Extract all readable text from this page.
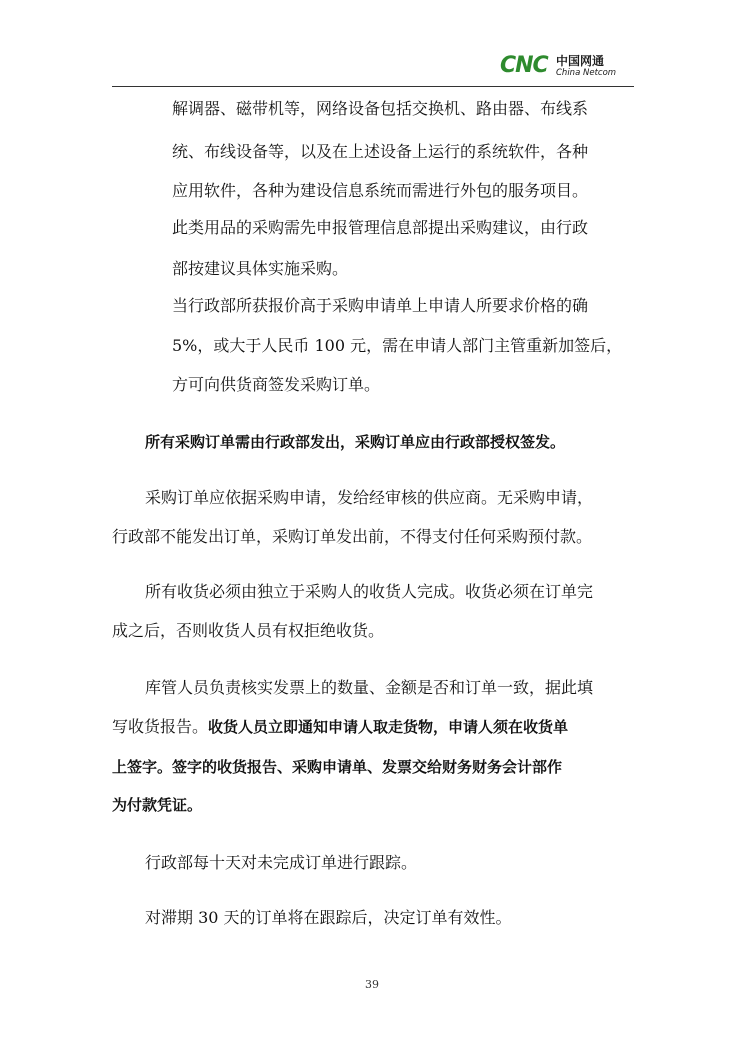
CNC 中国网通
China Netcom
解调器、磁带机等，网络设备包括交换机、路由器、布线系
统、布线设备等，以及在上述设备上运行的系统软件，各种
应用软件，各种为建设信息系统而需进行外包的服务项目。
此类用品的采购需先申报管理信息部提出采购建议，由行政
部按建议具体实施采购。
当行政部所获报价高于采购申请单上申请人所要求价格的确
5%，或大于人民币 100 元，需在申请人部门主管重新加签后，
方可向供货商签发采购订单。
所有采购订单需由行政部发出，采购订单应由行政部授权签发。
采购订单应依据采购申请，发给经审核的供应商。无采购申请，
行政部不能发出订单，采购订单发出前，不得支付任何采购预付款。
所有收货必须由独立于采购人的收货人完成。收货必须在订单完
成之后，否则收货人员有权拒绝收货。
库管人员负责核实发票上的数量、金额是否和订单一致，据此填
写收货报告。收货人员立即通知申请人取走货物，申请人须在收货单
上签字。签字的收货报告、采购申请单、发票交给财务财务会计部作
为付款凭证。
行政部每十天对未完成订单进行跟踪。
对滞期 30 天的订单将在跟踪后，决定订单有效性。
39
